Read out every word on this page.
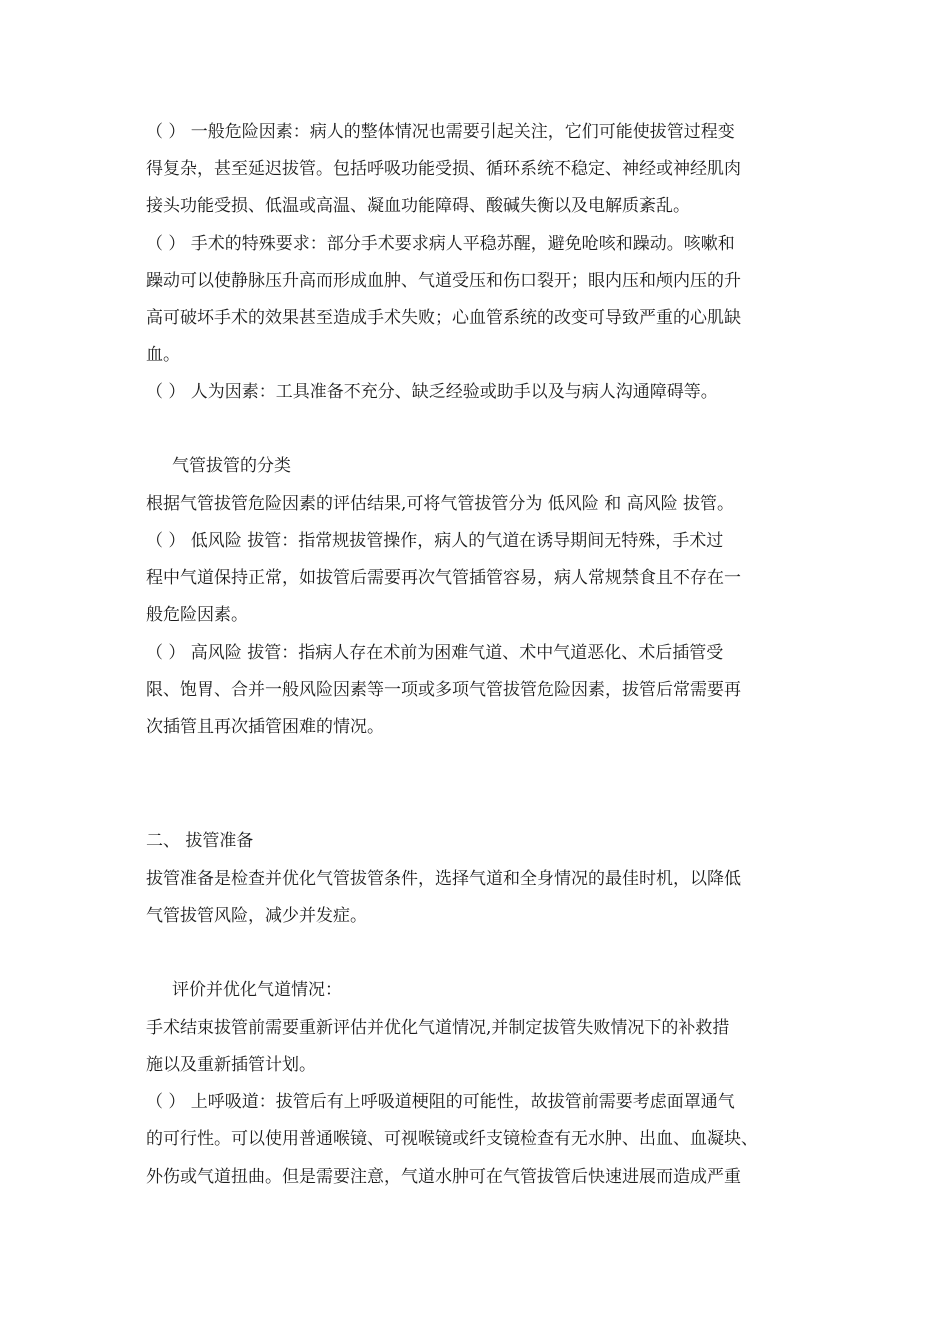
（ ） 一般危险因素：病人的整体情况也需要引起关注，它们可能使拔管过程变
得复杂，甚至延迟拔管。包括呼吸功能受损、循环系统不稳定、神经或神经肌肉
接头功能受损、低温或高温、凝血功能障碍、酸碱失衡以及电解质紊乱。
（ ） 手术的特殊要求：部分手术要求病人平稳苏醒，避免呛咳和躁动。咳嗽和
躁动可以使静脉压升高而形成血肿、气道受压和伤口裂开；眼内压和颅内压的升
高可破坏手术的效果甚至造成手术失败；心血管系统的改变可导致严重的心肌缺
血。
（ ） 人为因素：工具准备不充分、缺乏经验或助手以及与病人沟通障碍等。
气管拔管的分类
根据气管拔管危险因素的评估结果,可将气管拔管分为 低风险 和 高风险 拔管。
（ ） 低风险 拔管：指常规拔管操作，病人的气道在诱导期间无特殊，手术过
程中气道保持正常，如拔管后需要再次气管插管容易，病人常规禁食且不存在一
般危险因素。
（ ） 高风险 拔管：指病人存在术前为困难气道、术中气道恶化、术后插管受
限、饱胃、合并一般风险因素等一项或多项气管拔管危险因素，拔管后常需要再
次插管且再次插管困难的情况。
二、 拔管准备
拔管准备是检查并优化气管拔管条件，选择气道和全身情况的最佳时机，以降低
气管拔管风险，减少并发症。
评价并优化气道情况：
手术结束拔管前需要重新评估并优化气道情况,并制定拔管失败情况下的补救措
施以及重新插管计划。
（ ） 上呼吸道：拔管后有上呼吸道梗阻的可能性，故拔管前需要考虑面罩通气
的可行性。可以使用普通喉镜、可视喉镜或纤支镜检查有无水肿、出血、血凝块、
外伤或气道扭曲。但是需要注意，气道水肿可在气管拔管后快速进展而造成严重
